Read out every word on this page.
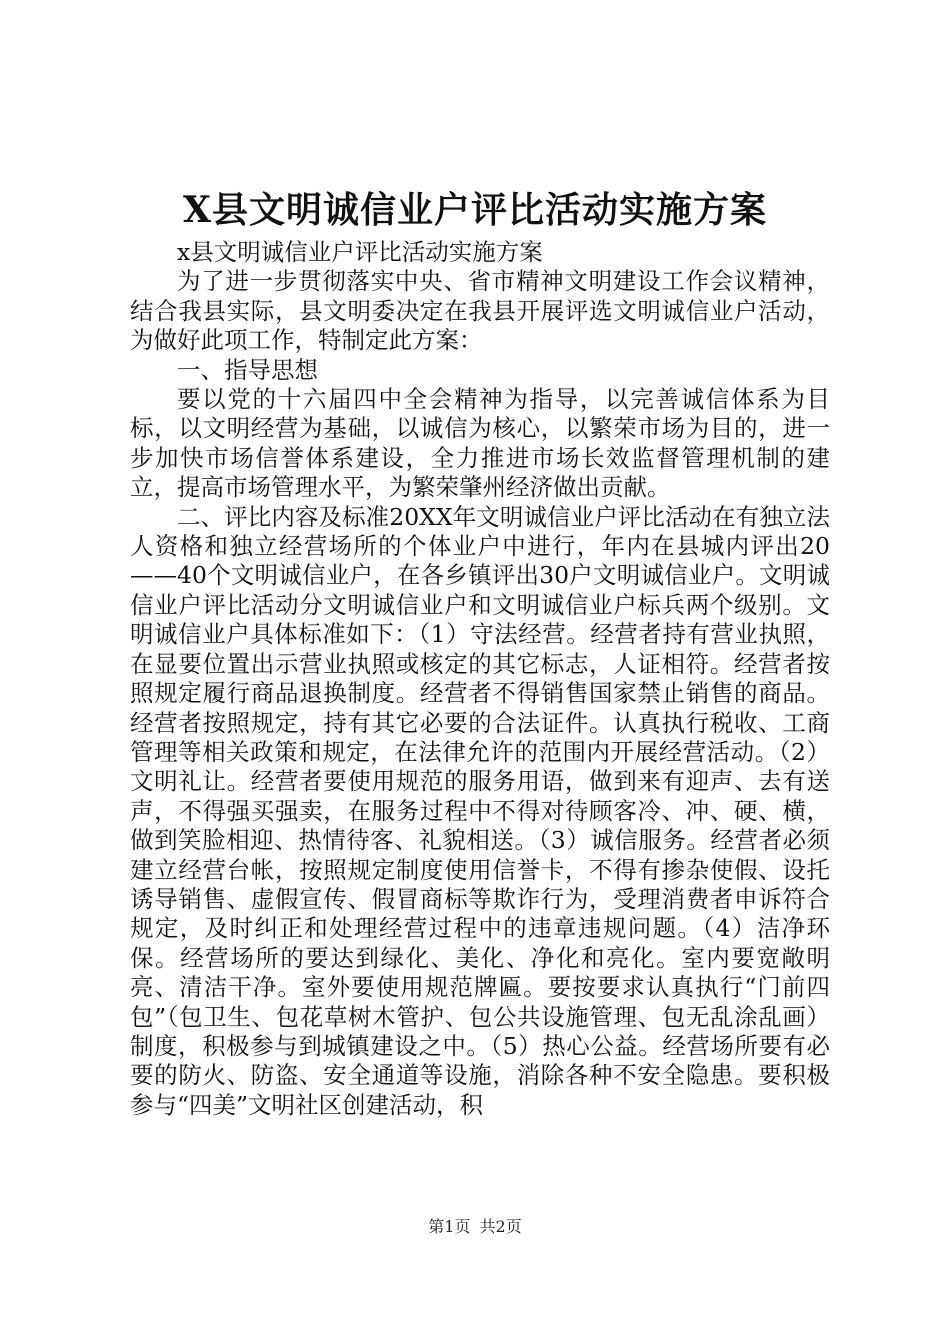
X县文明诚信业户评比活动实施方案

x县文明诚信业户评比活动实施方案

为了进一步贯彻落实中央、省市精神文明建设工作会议精神，结合我县实际，县文明委决定在我县开展评选文明诚信业户活动，为做好此项工作，特制定此方案：

一、指导思想

要以党的十六届四中全会精神为指导，以完善诚信体系为目标，以文明经营为基础，以诚信为核心，以繁荣市场为目的，进一步加快市场信誉体系建设，全力推进市场长效监督管理机制的建立，提高市场管理水平，为繁荣肇州经济做出贡献。

二、评比内容及标准20XX年文明诚信业户评比活动在有独立法人资格和独立经营场所的个体业户中进行，年内在县城内评出20——40个文明诚信业户，在各乡镇评出30户文明诚信业户。文明诚信业户评比活动分文明诚信业户和文明诚信业户标兵两个级别。文明诚信业户具体标准如下：（1）守法经营。经营者持有营业执照，在显要位置出示营业执照或核定的其它标志，人证相符。经营者按照规定履行商品退换制度。经营者不得销售国家禁止销售的商品。经营者按照规定，持有其它必要的合法证件。认真执行税收、工商管理等相关政策和规定，在法律允许的范围内开展经营活动。（2）文明礼让。经营者要使用规范的服务用语，做到来有迎声、去有送声，不得强买强卖，在服务过程中不得对待顾客冷、冲、硬、横，做到笑脸相迎、热情待客、礼貌相送。（3）诚信服务。经营者必须建立经营台帐，按照规定制度使用信誉卡，不得有掺杂使假、设托诱导销售、虚假宣传、假冒商标等欺诈行为，受理消费者申诉符合规定，及时纠正和处理经营过程中的违章违规问题。（4）洁净环保。经营场所的要达到绿化、美化、净化和亮化。室内要宽敞明亮、清洁干净。室外要使用规范牌匾。要按要求认真执行“门前四包”（包卫生、包花草树木管护、包公共设施管理、包无乱涂乱画）制度，积极参与到城镇建设之中。（5）热心公益。经营场所要有必要的防火、防盗、安全通道等设施，消除各种不安全隐患。要积极参与“四美”文明社区创建活动，积

第1页 共2页
